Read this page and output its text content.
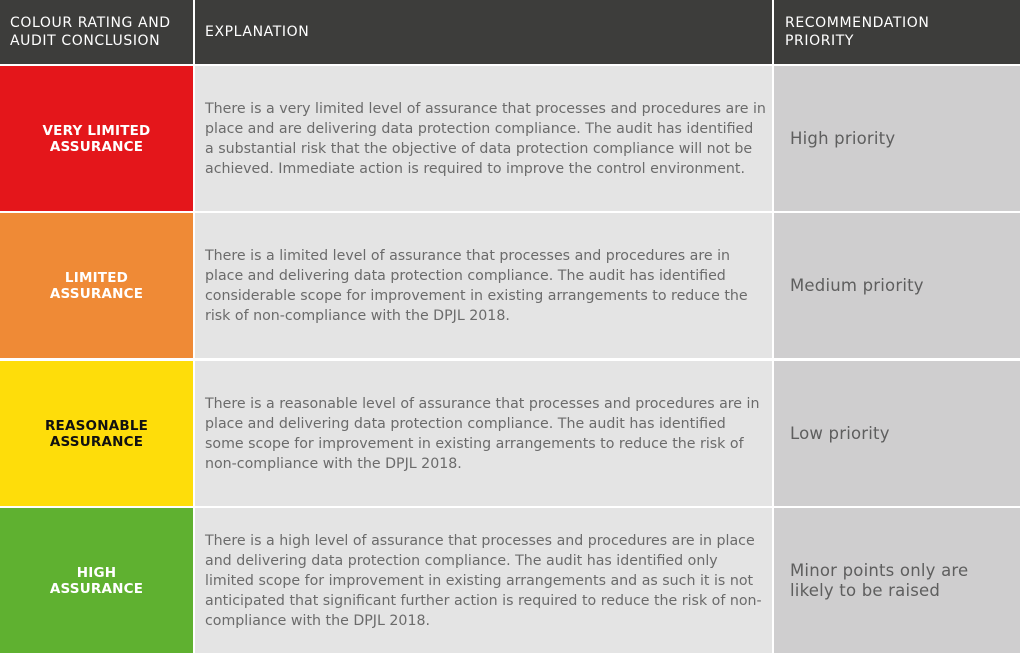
COLOUR RATING AND
AUDIT CONCLUSION
EXPLANATION
RECOMMENDATION
PRIORITY
VERY LIMITED
ASSURANCE
There is a very limited level of assurance that processes and procedures are in place and are delivering data protection compliance. The audit has identified a substantial risk that the objective of data protection compliance will not be achieved. Immediate action is required to improve the control environment.
High priority
LIMITED
ASSURANCE
There is a limited level of assurance that processes and procedures are in place and delivering data protection compliance. The audit has identified considerable scope for improvement in existing arrangements to reduce the risk of non-compliance with the DPJL 2018.
Medium priority
REASONABLE
ASSURANCE
There is a reasonable level of assurance that processes and procedures are in place and delivering data protection compliance. The audit has identified some scope for improvement in existing arrangements to reduce the risk of non-compliance with the DPJL 2018.
Low priority
HIGH
ASSURANCE
There is a high level of assurance that processes and procedures are in place and delivering data protection compliance. The audit has identified only limited scope for improvement in existing arrangements and as such it is not anticipated that significant further action is required to reduce the risk of non-compliance with the DPJL 2018.
Minor points only are likely to be raised
